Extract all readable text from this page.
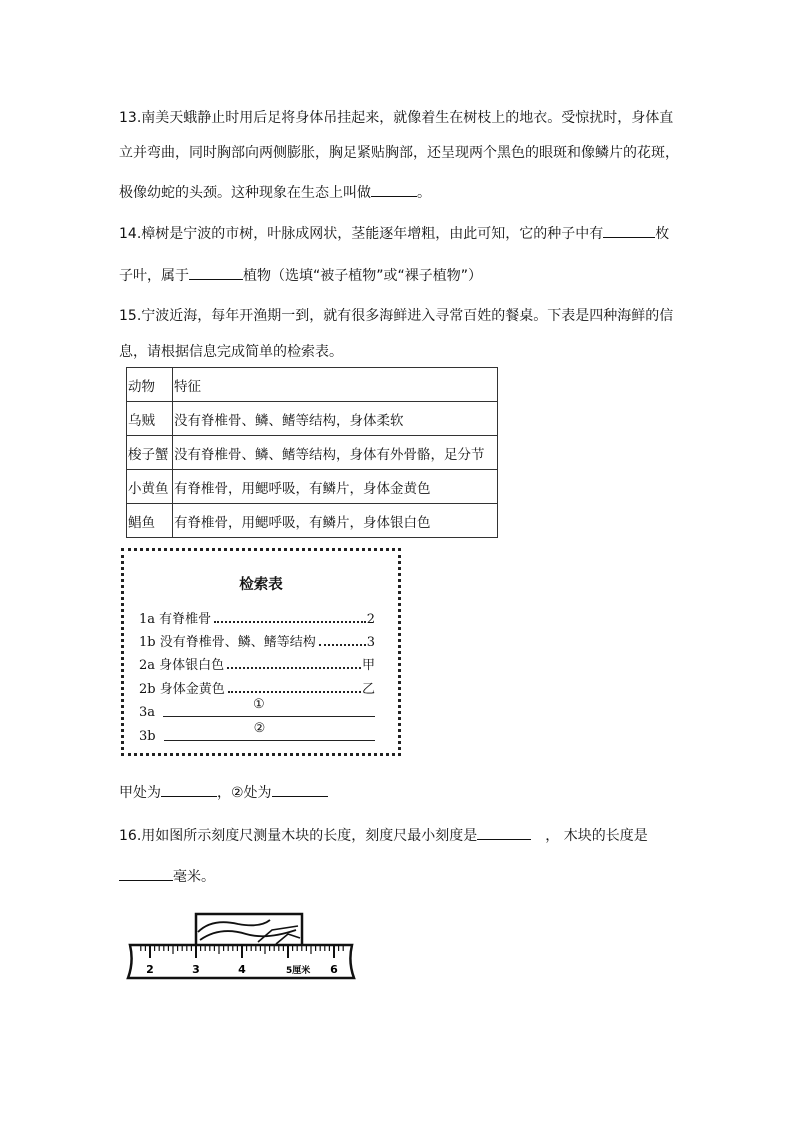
13.南美天蛾静止时用后足将身体吊挂起来，就像着生在树枝上的地衣。受惊扰时，身体直
立并弯曲，同时胸部向两侧膨胀，胸足紧贴胸部，还呈现两个黑色的眼斑和像鳞片的花斑，
极像幼蛇的头颈。这种现象在生态上叫做	。
14.樟树是宁波的市树，叶脉成网状，茎能逐年增粗，由此可知，它的种子中有	枚
子叶，属于	植物（选填“被子植物”或“裸子植物”）
15.宁波近海，每年开渔期一到，就有很多海鲜进入寻常百姓的餐桌。下表是四种海鲜的信
息，请根据信息完成简单的检索表。
动物	特征
乌贼	没有脊椎骨、鳞、鳍等结构，身体柔软
梭子蟹	没有脊椎骨、鳞、鳍等结构，身体有外骨骼，足分节
小黄鱼	有脊椎骨，用鳃呼吸，有鳞片，身体金黄色
鲳鱼	有脊椎骨，用鳃呼吸，有鳞片，身体银白色
检索表
1a 有脊椎骨	2
1b 没有脊椎骨、鳞、鳍等结构	3
2a 身体银白色	甲
2b 身体金黄色	乙
3a
①
3b
②
甲处为	，②处为
16.用如图所示刻度尺测量木块的长度，刻度尺最小刻度是	， 木块的长度是
毫米。
2	3	4	5厘米 6
